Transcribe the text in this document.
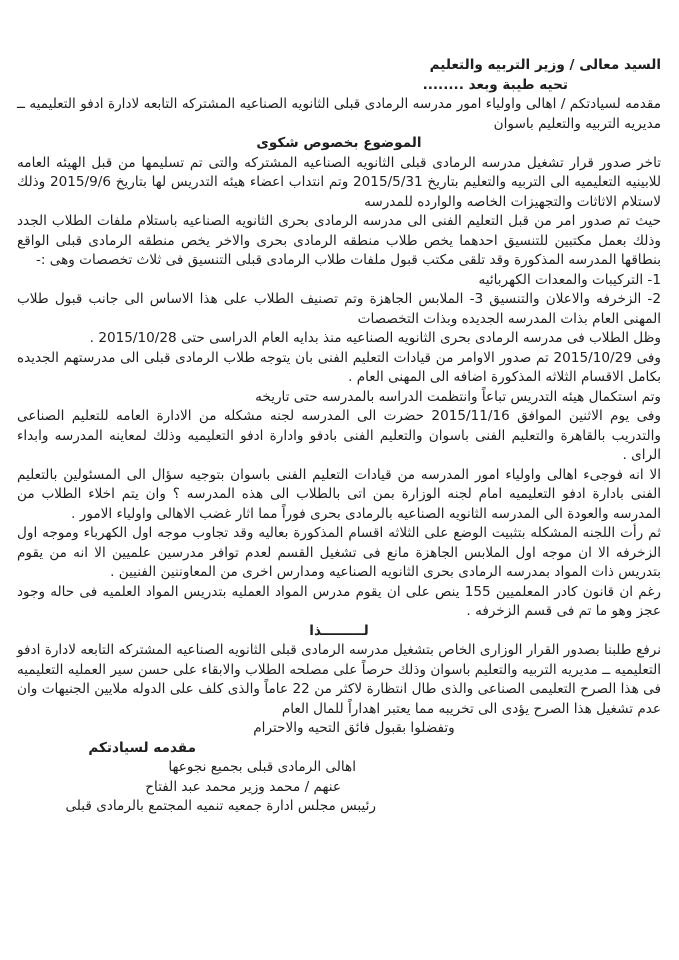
السيد معالى / وزير التربيه والتعليم
تحيه طيبة وبعد ........
مقدمه لسيادتكم / اهالى واولياء امور مدرسه الرمادى قبلى الثانويه الصناعيه المشتركه التابعه لادارة ادفو التعليميه ــ مديريه التربيه والتعليم باسوان
الموضوع بخصوص شكوى
تاخر صدور قرار تشغيل مدرسه الرمادى قبلى الثانويه الصناعيه المشتركه والتى تم تسليمها من قبل الهيئه العامه للابينيه التعليميه الى التربيه والتعليم بتاريخ 2015/5/31 وتم انتداب اعضاء هيئه التدريس لها بتاريخ 2015/9/6 وذلك لاستلام الاثاثات والتجهيزات الخاصه والوارده للمدرسه
حيث تم صدور امر من قبل التعليم الفنى الى مدرسه الرمادى بحرى الثانويه الصناعيه باستلام ملفات الطلاب الجدد وذلك بعمل مكتبين للتنسيق احدهما يخص طلاب منطقه الرمادى بحرى والاخر يخص منطقه الرمادى قبلى الواقع بنطاقها المدرسه المذكورة وقد تلقى مكتب قبول ملفات طلاب الرمادى قبلى التنسيق فى ثلاث تخصصات وهى :-
1- التركيبات والمعدات الكهربائيه
2- الزخرفه والاعلان والتنسيق 3- الملابس الجاهزة وتم تصنيف الطلاب على هذا الاساس الى جانب قبول طلاب المهنى العام بذات المدرسه الجديده وبذات التخصصات
وظل الطلاب فى مدرسه الرمادى بحرى الثانويه الصناعيه منذ بدايه العام الدراسى حتى 2015/10/28 .
وفى 2015/10/29 تم صدور الاوامر من قيادات التعليم الفنى بان يتوجه طلاب الرمادى قبلى الى مدرستهم الجديده بكامل الاقسام الثلاثه المذكورة اضافه الى المهنى العام .
وتم استكمال هيئه التدريس تباعاً وانتظمت الدراسه بالمدرسه حتى تاريخه
وفى يوم الاثنين الموافق 2015/11/16 حضرت الى المدرسه لجنه مشكله من الادارة العامه للتعليم الصناعى والتدريب بالقاهرة والتعليم الفنى باسوان والتعليم الفنى بادفو وادارة ادفو التعليميه وذلك لمعاينه المدرسه وابداء الراى .
الا انه فوجىء اهالى واولياء امور المدرسه من قيادات التعليم الفنى باسوان بتوجيه سؤال الى المسئولين بالتعليم الفنى بادارة ادفو التعليميه امام لجنه الوزارة بمن اتى بالطلاب الى هذه المدرسه ؟ وان يتم اخلاء الطلاب من المدرسه والعودة الى المدرسه الثانويه الصناعيه بالرمادى بحرى فوراً مما اثار غضب الاهالى واولياء الامور .
ثم رأت اللجنه المشكله بتثبيت الوضع على الثلاثه اقسام المذكورة بعاليه وقد تجاوب موجه اول الكهرباء وموجه اول الزخرفه الا ان موجه اول الملابس الجاهزة مانع فى تشغيل القسم لعدم توافر مدرسين علميين الا انه من يقوم بتدريس ذات المواد بمدرسه الرمادى بحرى الثانويه الصناعيه ومدارس اخرى من المعاوننين الفنيين .
رغم ان قانون كادر المعلميين 155 ينص على ان يقوم مدرس المواد العمليه بتدريس المواد العلميه فى حاله وجود عجز وهو ما تم فى قسم الزخرفه .
لـــــــــذا
نرفع طلبنا بصدور القرار الوزارى الخاص بتشغيل مدرسه الرمادى قبلى الثانويه الصناعيه المشتركه التابعه لادارة ادفو التعليميه ــ مديريه التربيه والتعليم باسوان وذلك حرصاً على مصلحه الطلاب والابقاء على حسن سير العمليه التعليميه فى هذا الصرح التعليمى الصناعى والذى طال انتظارة لاكثر من 22 عاماً والذى كلف على الدوله ملايين الجنيهات وان عدم تشغيل هذا الصرح يؤدى الى تخريبه مما يعتبر اهداراً للمال العام
وتفضلوا بقبول فائق التحيه والاحترام
مقدمه لسيادتكم
اهالى الرمادى قبلى بجميع نجوعها
عنهم / محمد وزير محمد عبد الفتاح
رئيبس مجلس ادارة جمعيه تنميه المجتمع بالرمادى قبلى
